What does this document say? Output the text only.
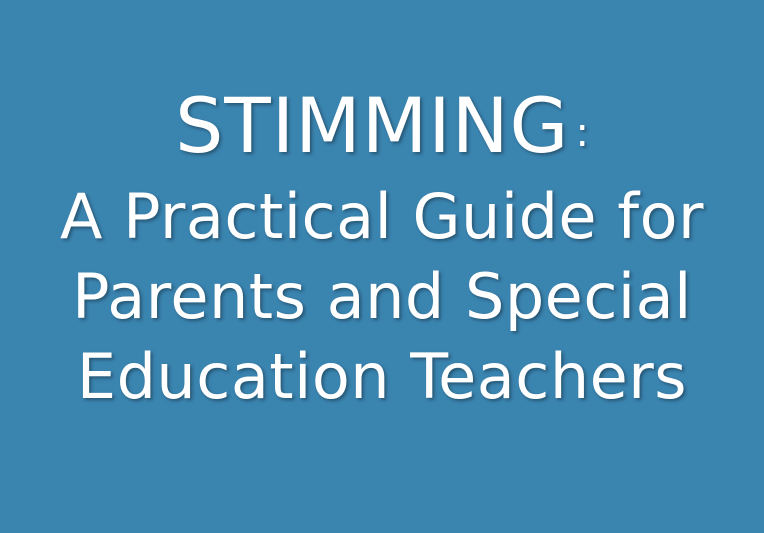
STIMMING :
A Practical Guide for
Parents and Special
Education Teachers
